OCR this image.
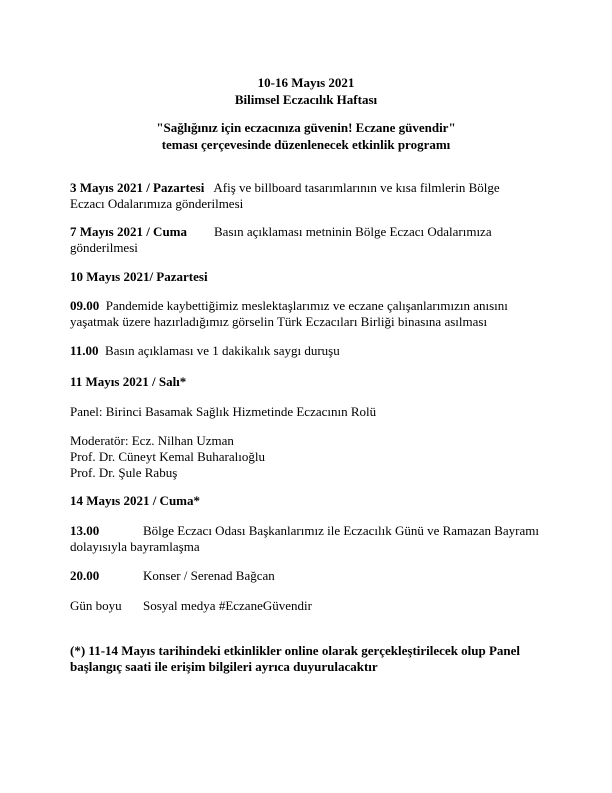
10-16 Mayıs 2021
Bilimsel Eczacılık Haftası
"Sağlığınız için eczacınıza güvenin! Eczane güvendir"
teması çerçevesinde düzenlenecek etkinlik programı
3 Mayıs 2021 / Pazartesi Afiş ve billboard tasarımlarının ve kısa filmlerin Bölge
Eczacı Odalarımıza gönderilmesi
7 Mayıs 2021 / Cuma Basın açıklaması metninin Bölge Eczacı Odalarımıza
gönderilmesi
10 Mayıs 2021/ Pazartesi
09.00 Pandemide kaybettiğimiz meslektaşlarımız ve eczane çalışanlarımızın anısını
yaşatmak üzere hazırladığımız görselin Türk Eczacıları Birliği binasına asılması
11.00 Basın açıklaması ve 1 dakikalık saygı duruşu
11 Mayıs 2021 / Salı*
Panel: Birinci Basamak Sağlık Hizmetinde Eczacının Rolü
Moderatör: Ecz. Nilhan Uzman
Prof. Dr. Cüneyt Kemal Buharalıoğlu
Prof. Dr. Şule Rabuş
14 Mayıs 2021 / Cuma*
13.00	Bölge Eczacı Odası Başkanlarımız ile Eczacılık Günü ve Ramazan Bayramı
dolayısıyla bayramlaşma
20.00	Konser / Serenad Bağcan
Gün boyu Sosyal medya #EczaneGüvendir
(*) 11-14 Mayıs tarihindeki etkinlikler online olarak gerçekleştirilecek olup Panel
başlangıç saati ile erişim bilgileri ayrıca duyurulacaktır
